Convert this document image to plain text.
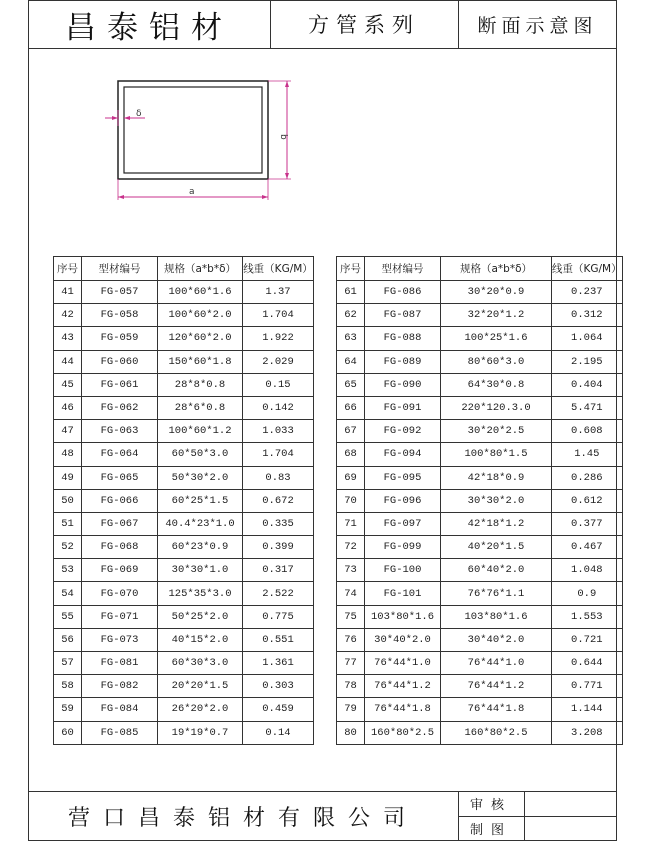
昌泰铝材	方管系列	断面示意图
δ
b
a
序号	型材编号	规格（a*b*δ）	线重（KG/M）
41	FG-057	100*60*1.6	1.37
42	FG-058	100*60*2.0	1.704
43	FG-059	120*60*2.0	1.922
44	FG-060	150*60*1.8	2.029
45	FG-061	28*8*0.8	0.15
46	FG-062	28*6*0.8	0.142
47	FG-063	100*60*1.2	1.033
48	FG-064	60*50*3.0	1.704
49	FG-065	50*30*2.0	0.83
50	FG-066	60*25*1.5	0.672
51	FG-067	40.4*23*1.0	0.335
52	FG-068	60*23*0.9	0.399
53	FG-069	30*30*1.0	0.317
54	FG-070	125*35*3.0	2.522
55	FG-071	50*25*2.0	0.775
56	FG-073	40*15*2.0	0.551
57	FG-081	60*30*3.0	1.361
58	FG-082	20*20*1.5	0.303
59	FG-084	26*20*2.0	0.459
60	FG-085	19*19*0.7	0.14
序号	型材编号	规格（a*b*δ）	线重（KG/M）
61	FG-086	30*20*0.9	0.237
62	FG-087	32*20*1.2	0.312
63	FG-088	100*25*1.6	1.064
64	FG-089	80*60*3.0	2.195
65	FG-090	64*30*0.8	0.404
66	FG-091	220*120.3.0	5.471
67	FG-092	30*20*2.5	0.608
68	FG-094	100*80*1.5	1.45
69	FG-095	42*18*0.9	0.286
70	FG-096	30*30*2.0	0.612
71	FG-097	42*18*1.2	0.377
72	FG-099	40*20*1.5	0.467
73	FG-100	60*40*2.0	1.048
74	FG-101	76*76*1.1	0.9
75	103*80*1.6	103*80*1.6	1.553
76	30*40*2.0	30*40*2.0	0.721
77	76*44*1.0	76*44*1.0	0.644
78	76*44*1.2	76*44*1.2	0.771
79	76*44*1.8	76*44*1.8	1.144
80	160*80*2.5	160*80*2.5	3.208
营口昌泰铝材有限公司	审核
制图
